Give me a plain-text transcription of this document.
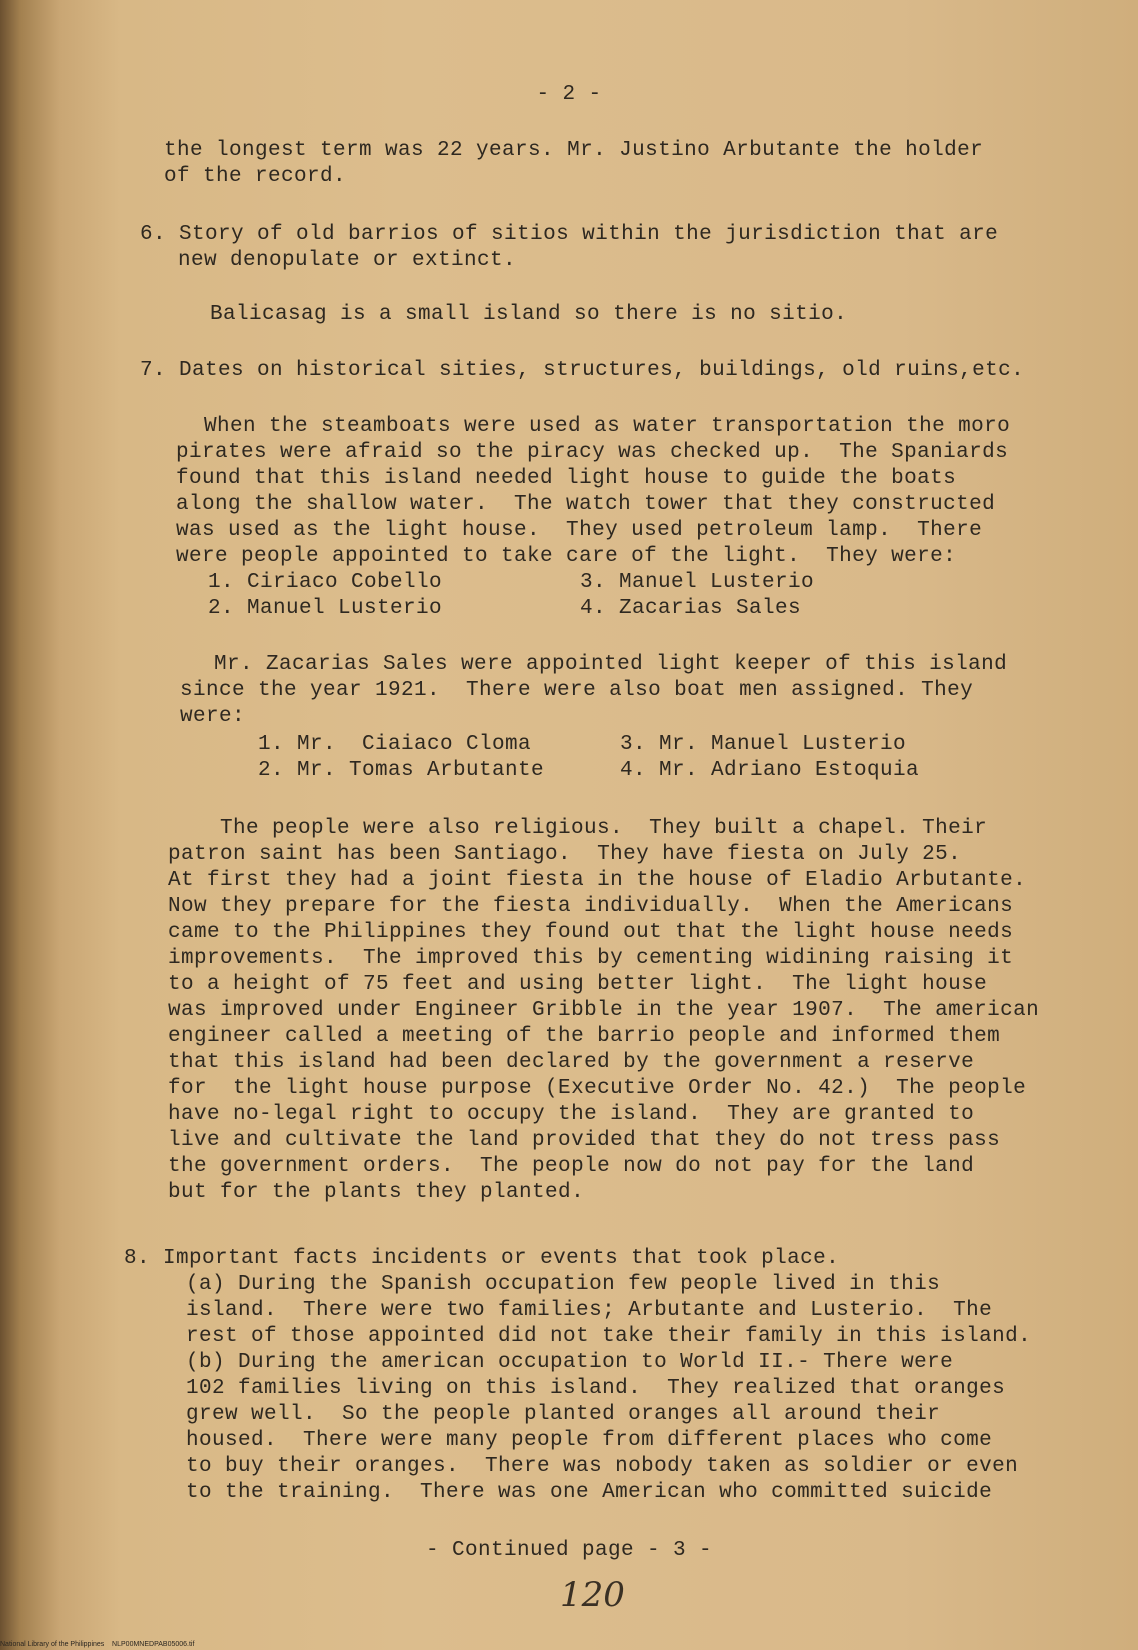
- 2 -
the longest term was 22 years. Mr. Justino Arbutante the holder
of the record.
6. Story of old barrios of sitios within the jurisdiction that are
new denopulate or extinct.
Balicasag is a small island so there is no sitio.
7. Dates on historical sities, structures, buildings, old ruins,etc.
When the steamboats were used as water transportation the moro
pirates were afraid so the piracy was checked up.  The Spaniards
found that this island needed light house to guide the boats
along the shallow water.  The watch tower that they constructed
was used as the light house.  They used petroleum lamp.  There
were people appointed to take care of the light.  They were:
1. Ciriaco Cobello	3. Manuel Lusterio
2. Manuel Lusterio	4. Zacarias Sales
Mr. Zacarias Sales were appointed light keeper of this island
since the year 1921.  There were also boat men assigned. They
were:
1. Mr.  Ciaiaco Cloma	3. Mr. Manuel Lusterio
2. Mr. Tomas Arbutante	4. Mr. Adriano Estoquia
The people were also religious.  They built a chapel. Their
patron saint has been Santiago.  They have fiesta on July 25.
At first they had a joint fiesta in the house of Eladio Arbutante.
Now they prepare for the fiesta individually.  When the Americans
came to the Philippines they found out that the light house needs
improvements.  The improved this by cementing widining raising it
to a height of 75 feet and using better light.  The light house
was improved under Engineer Gribble in the year 1907.  The american
engineer called a meeting of the barrio people and informed them
that this island had been declared by the government a reserve
for  the light house purpose (Executive Order No. 42.)  The people
have no-legal right to occupy the island.  They are granted to
live and cultivate the land provided that they do not tress pass
the government orders.  The people now do not pay for the land
but for the plants they planted.
8. Important facts incidents or events that took place.
(a) During the Spanish occupation few people lived in this
island.  There were two families; Arbutante and Lusterio.  The
rest of those appointed did not take their family in this island.
(b) During the american occupation to World II.- There were
102 families living on this island.  They realized that oranges
grew well.  So the people planted oranges all around their
housed.  There were many people from different places who come
to buy their oranges.  There was nobody taken as soldier or even
to the training.  There was one American who committed suicide
- Continued page - 3 -
120
National Library of the Philippines    NLP00MNEDPAB05006.tif
